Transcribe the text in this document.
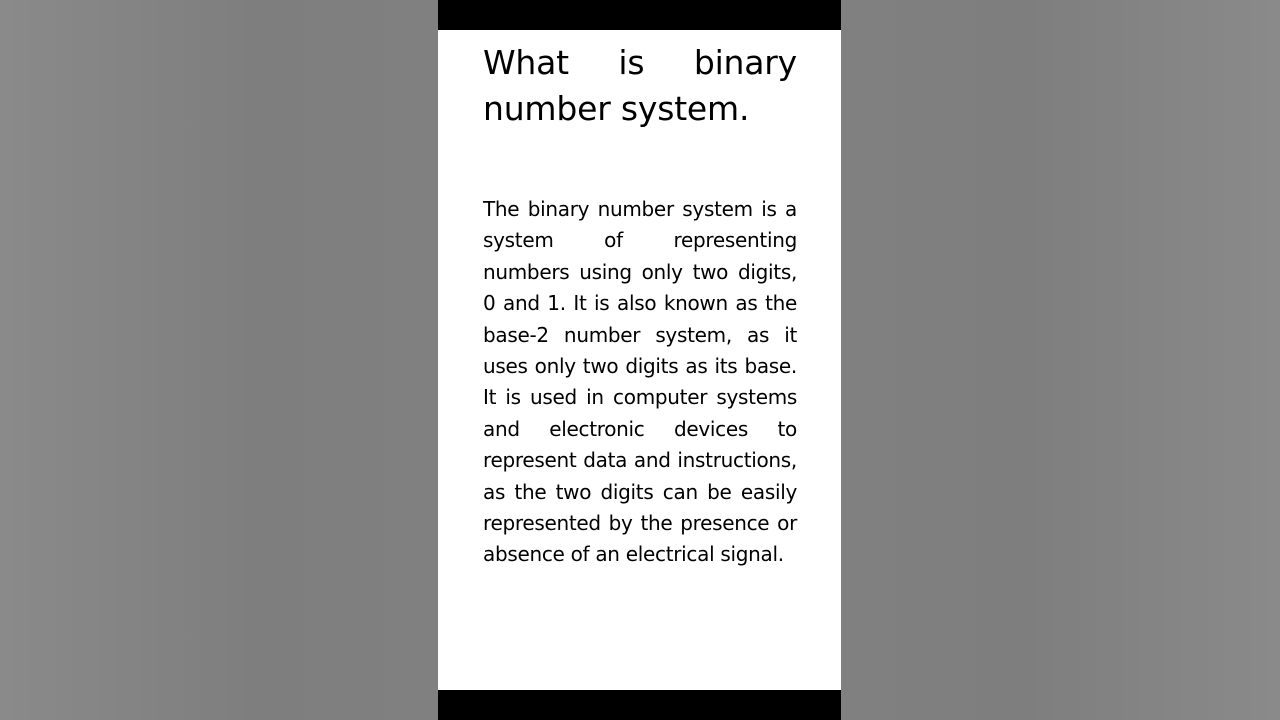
What is binary number system.

The binary number system is a system of representing numbers using only two digits, 0 and 1. It is also known as the base-2 number system, as it uses only two digits as its base. It is used in computer systems and electronic devices to represent data and instructions, as the two digits can be easily represented by the presence or absence of an electrical signal.
